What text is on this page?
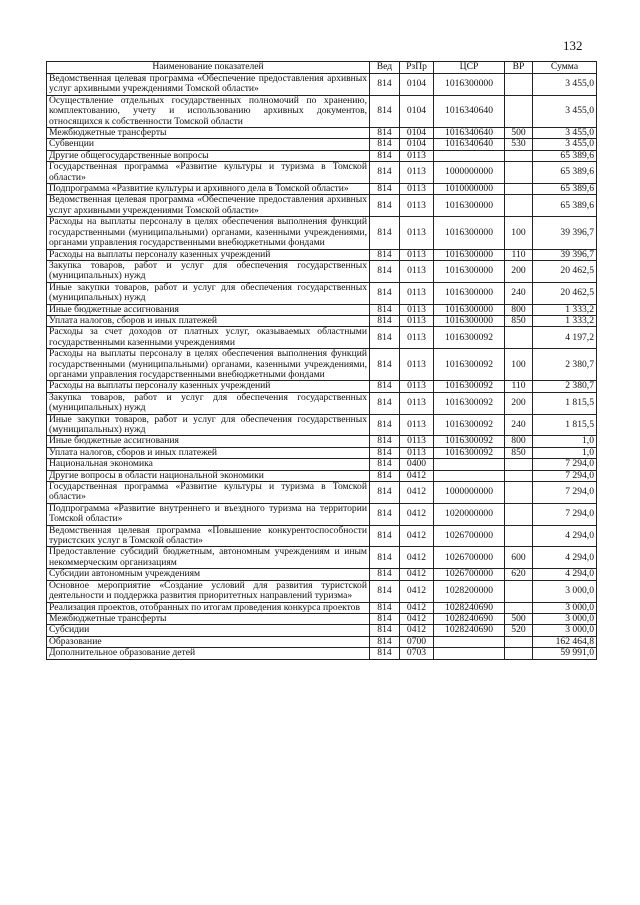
132
Наименование показателей	Вед	РзПр	ЦСР	ВР	Сумма
Ведомственная целевая программа «Обеспечение предоставления архивных услуг архивными учреждениями Томской области»	814	0104	1016300000		3 455,0
Осуществление отдельных государственных полномочий по хранению, комплектованию, учету и использованию архивных документов, относящихся к собственности Томской области	814	0104	1016340640		3 455,0
Межбюджетные трансферты	814	0104	1016340640	500	3 455,0
Субвенции	814	0104	1016340640	530	3 455,0
Другие общегосударственные вопросы	814	0113			65 389,6
Государственная программа «Развитие культуры и туризма в Томской области»	814	0113	1000000000		65 389,6
Подпрограмма «Развитие культуры и архивного дела в Томской области»	814	0113	1010000000		65 389,6
Ведомственная целевая программа «Обеспечение предоставления архивных услуг архивными учреждениями Томской области»	814	0113	1016300000		65 389,6
Расходы на выплаты персоналу в целях обеспечения выполнения функций государственными (муниципальными) органами, казенными учреждениями, органами управления государственными внебюджетными фондами	814	0113	1016300000	100	39 396,7
Расходы на выплаты персоналу казенных учреждений	814	0113	1016300000	110	39 396,7
Закупка товаров, работ и услуг для обеспечения государственных (муниципальных) нужд	814	0113	1016300000	200	20 462,5
Иные закупки товаров, работ и услуг для обеспечения государственных (муниципальных) нужд	814	0113	1016300000	240	20 462,5
Иные бюджетные ассигнования	814	0113	1016300000	800	1 333,2
Уплата налогов, сборов и иных платежей	814	0113	1016300000	850	1 333,2
Расходы за счет доходов от платных услуг, оказываемых областными государственными казенными учреждениями	814	0113	1016300092		4 197,2
Расходы на выплаты персоналу в целях обеспечения выполнения функций государственными (муниципальными) органами, казенными учреждениями, органами управления государственными внебюджетными фондами	814	0113	1016300092	100	2 380,7
Расходы на выплаты персоналу казенных учреждений	814	0113	1016300092	110	2 380,7
Закупка товаров, работ и услуг для обеспечения государственных (муниципальных) нужд	814	0113	1016300092	200	1 815,5
Иные закупки товаров, работ и услуг для обеспечения государственных (муниципальных) нужд	814	0113	1016300092	240	1 815,5
Иные бюджетные ассигнования	814	0113	1016300092	800	1,0
Уплата налогов, сборов и иных платежей	814	0113	1016300092	850	1,0
Национальная экономика	814	0400			7 294,0
Другие вопросы в области национальной экономики	814	0412			7 294,0
Государственная программа «Развитие культуры и туризма в Томской области»	814	0412	1000000000		7 294,0
Подпрограмма «Развитие внутреннего и въездного туризма на территории Томской области»	814	0412	1020000000		7 294,0
Ведомственная целевая программа «Повышение конкурентоспособности туристских услуг в Томской области»	814	0412	1026700000		4 294,0
Предоставление субсидий бюджетным, автономным учреждениям и иным некоммерческим организациям	814	0412	1026700000	600	4 294,0
Субсидии автономным учреждениям	814	0412	1026700000	620	4 294,0
Основное мероприятие «Создание условий для развития туристской деятельности и поддержка развития приоритетных направлений туризма»	814	0412	1028200000		3 000,0
Реализация проектов, отобранных по итогам проведения конкурса проектов	814	0412	1028240690		3 000,0
Межбюджетные трансферты	814	0412	1028240690	500	3 000,0
Субсидии	814	0412	1028240690	520	3 000,0
Образование	814	0700			162 464,8
Дополнительное образование детей	814	0703			59 991,0
